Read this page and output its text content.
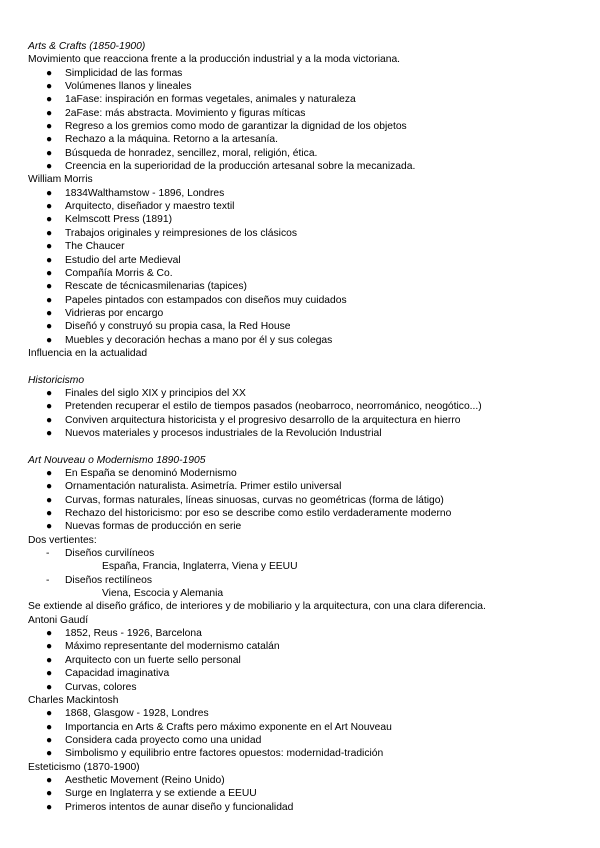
Arts & Crafts (1850-1900)
Movimiento que reacciona frente a la producción industrial y a la moda victoriana.
● Simplicidad de las formas
● Volúmenes llanos y lineales
● 1aFase: inspiración en formas vegetales, animales y naturaleza
● 2aFase: más abstracta. Movimiento y figuras míticas
● Regreso a los gremios como modo de garantizar la dignidad de los objetos
● Rechazo a la máquina. Retorno a la artesanía.
● Búsqueda de honradez, sencillez, moral, religión, ética.
● Creencia en la superioridad de la producción artesanal sobre la mecanizada.
William Morris
● 1834Walthamstow - 1896, Londres
● Arquitecto, diseñador y maestro textil
● Kelmscott Press (1891)
● Trabajos originales y reimpresiones de los clásicos
● The Chaucer
● Estudio del arte Medieval
● Compañía Morris & Co.
● Rescate de técnicasmilenarias (tapices)
● Papeles pintados con estampados con diseños muy cuidados
● Vidrieras por encargo
● Diseñó y construyó su propia casa, la Red House
● Muebles y decoración hechas a mano por él y sus colegas
Influencia en la actualidad
Historicismo
● Finales del siglo XIX y principios del XX
● Pretenden recuperar el estilo de tiempos pasados (neobarroco, neorrománico, neogótico...)
● Conviven arquitectura historicista y el progresivo desarrollo de la arquitectura en hierro
● Nuevos materiales y procesos industriales de la Revolución Industrial
Art Nouveau o Modernismo 1890-1905
● En España se denominó Modernismo
● Ornamentación naturalista. Asimetría. Primer estilo universal
● Curvas, formas naturales, líneas sinuosas, curvas no geométricas (forma de látigo)
● Rechazo del historicismo: por eso se describe como estilo verdaderamente moderno
● Nuevas formas de producción en serie
Dos vertientes:
- Diseños curvilíneos
España, Francia, Inglaterra, Viena y EEUU
- Diseños rectilíneos
Viena, Escocia y Alemania
Se extiende al diseño gráfico, de interiores y de mobiliario y la arquitectura, con una clara diferencia.
Antoni Gaudí
● 1852, Reus - 1926, Barcelona
● Máximo representante del modernismo catalán
● Arquitecto con un fuerte sello personal
● Capacidad imaginativa
● Curvas, colores
Charles Mackintosh
● 1868, Glasgow - 1928, Londres
● Importancia en Arts & Crafts pero máximo exponente en el Art Nouveau
● Considera cada proyecto como una unidad
● Simbolismo y equilibrio entre factores opuestos: modernidad-tradición
Esteticismo (1870-1900)
● Aesthetic Movement (Reino Unido)
● Surge en Inglaterra y se extiende a EEUU
● Primeros intentos de aunar diseño y funcionalidad
